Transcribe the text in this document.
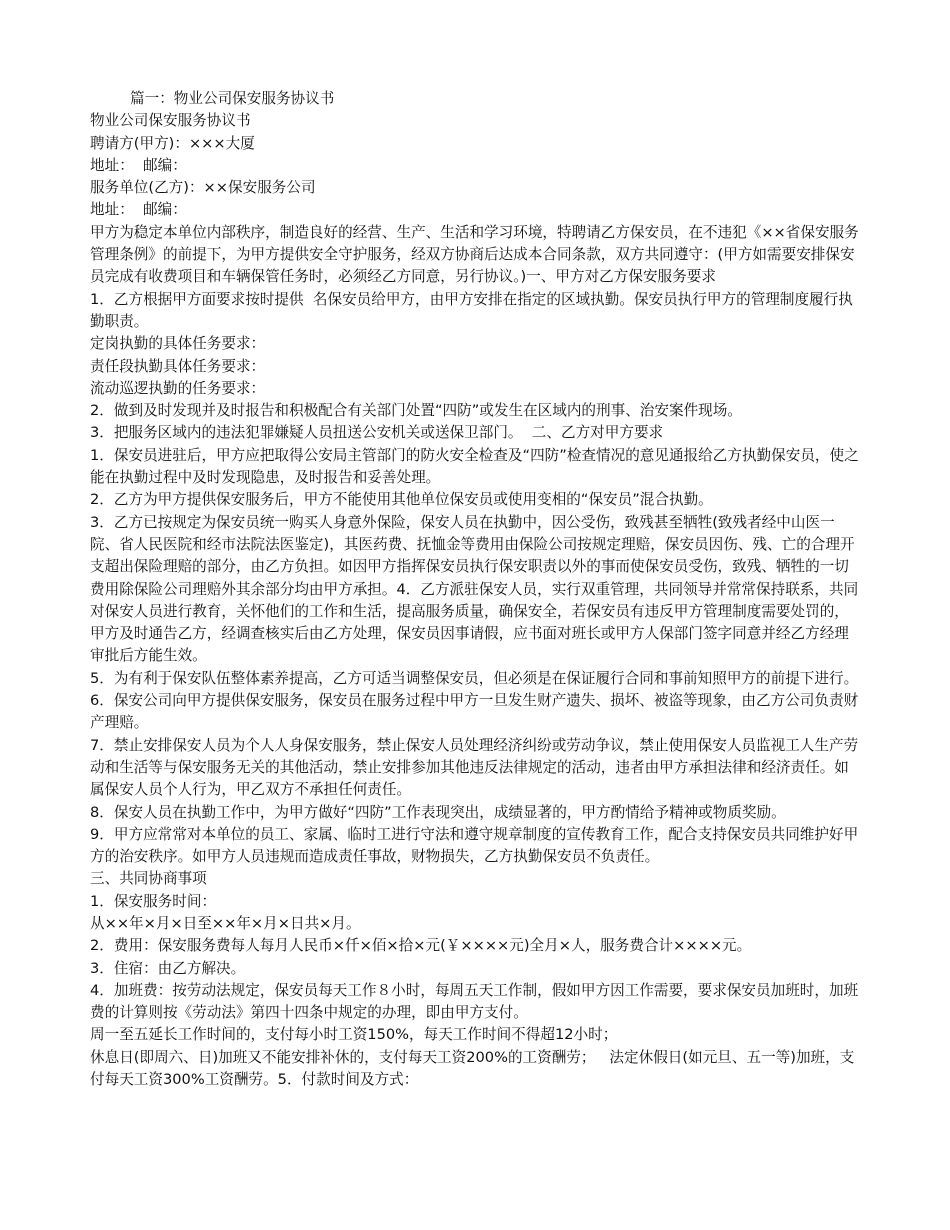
篇一：物业公司保安服务协议书

物业公司保安服务协议书

聘请方(甲方)：×××大厦

地址：  邮编：

服务单位(乙方)：××保安服务公司

地址：  邮编：

甲方为稳定本单位内部秩序，制造良好的经营、生产、生活和学习环境，特聘请乙方保安员，在不违犯《××省保安服务管理条例》的前提下，为甲方提供安全守护服务，经双方协商后达成本合同条款，双方共同遵守：(甲方如需要安排保安员完成有收费项目和车辆保管任务时，必须经乙方同意，另行协议。)一、甲方对乙方保安服务要求

1．乙方根据甲方面要求按时提供  名保安员给甲方，由甲方安排在指定的区域执勤。保安员执行甲方的管理制度履行执勤职责。

定岗执勤的具体任务要求：

责任段执勤具体任务要求：

流动巡逻执勤的任务要求：

2．做到及时发现并及时报告和积极配合有关部门处置“四防”或发生在区域内的刑事、治安案件现场。

3．把服务区域内的违法犯罪嫌疑人员扭送公安机关或送保卫部门。  二、乙方对甲方要求

1．保安员进驻后，甲方应把取得公安局主管部门的防火安全检查及“四防”检查情况的意见通报给乙方执勤保安员，使之能在执勤过程中及时发现隐患，及时报告和妥善处理。

2．乙方为甲方提供保安服务后，甲方不能使用其他单位保安员或使用变相的“保安员”混合执勤。

3．乙方已按规定为保安员统一购买人身意外保险，保安人员在执勤中，因公受伤，致残甚至牺牲(致残者经中山医一院、省人民医院和经市法院法医鉴定)，其医药费、抚恤金等费用由保险公司按规定理赔，保安员因伤、残、亡的合理开支超出保险理赔的部分，由乙方负担。如因甲方指挥保安员执行保安职责以外的事而使保安员受伤，致残、牺牲的一切费用除保险公司理赔外其余部分均由甲方承担。4．乙方派驻保安人员，实行双重管理，共同领导并常常保持联系，共同对保安人员进行教育，关怀他们的工作和生活，提高服务质量，确保安全，若保安员有违反甲方管理制度需要处罚的，甲方及时通告乙方，经调查核实后由乙方处理，保安员因事请假，应书面对班长或甲方人保部门签字同意并经乙方经理审批后方能生效。

5．为有利于保安队伍整体素养提高，乙方可适当调整保安员，但必须是在保证履行合同和事前知照甲方的前提下进行。

6．保安公司向甲方提供保安服务，保安员在服务过程中甲方一旦发生财产遗失、损坏、被盗等现象，由乙方公司负责财产理赔。

7．禁止安排保安人员为个人人身保安服务，禁止保安人员处理经济纠纷或劳动争议，禁止使用保安人员监视工人生产劳动和生活等与保安服务无关的其他活动，禁止安排参加其他违反法律规定的活动，违者由甲方承担法律和经济责任。如属保安人员个人行为，甲乙双方不承担任何责任。

8．保安人员在执勤工作中，为甲方做好“四防”工作表现突出，成绩显著的，甲方酌情给予精神或物质奖励。

9．甲方应常常对本单位的员工、家属、临时工进行守法和遵守规章制度的宣传教育工作，配合支持保安员共同维护好甲方的治安秩序。如甲方人员违规而造成责任事故，财物损失，乙方执勤保安员不负责任。

三、共同协商事项

1．保安服务时间：

从××年×月×日至××年×月×日共×月。

2．费用：保安服务费每人每月人民币×仟×佰×拾×元(￥××××元)全月×人，服务费合计××××元。

3．住宿：由乙方解决。

4．加班费：按劳动法规定，保安员每天工作８小时，每周五天工作制，假如甲方因工作需要，要求保安员加班时，加班费的计算则按《劳动法》第四十四条中规定的办理，即由甲方支付。

周一至五延长工作时间的，支付每小时工资150%，每天工作时间不得超12小时；

休息日(即周六、日)加班又不能安排补休的，支付每天工资200%的工资酬劳；   法定休假日(如元旦、五一等)加班，支付每天工资300%工资酬劳。5．付款时间及方式：
